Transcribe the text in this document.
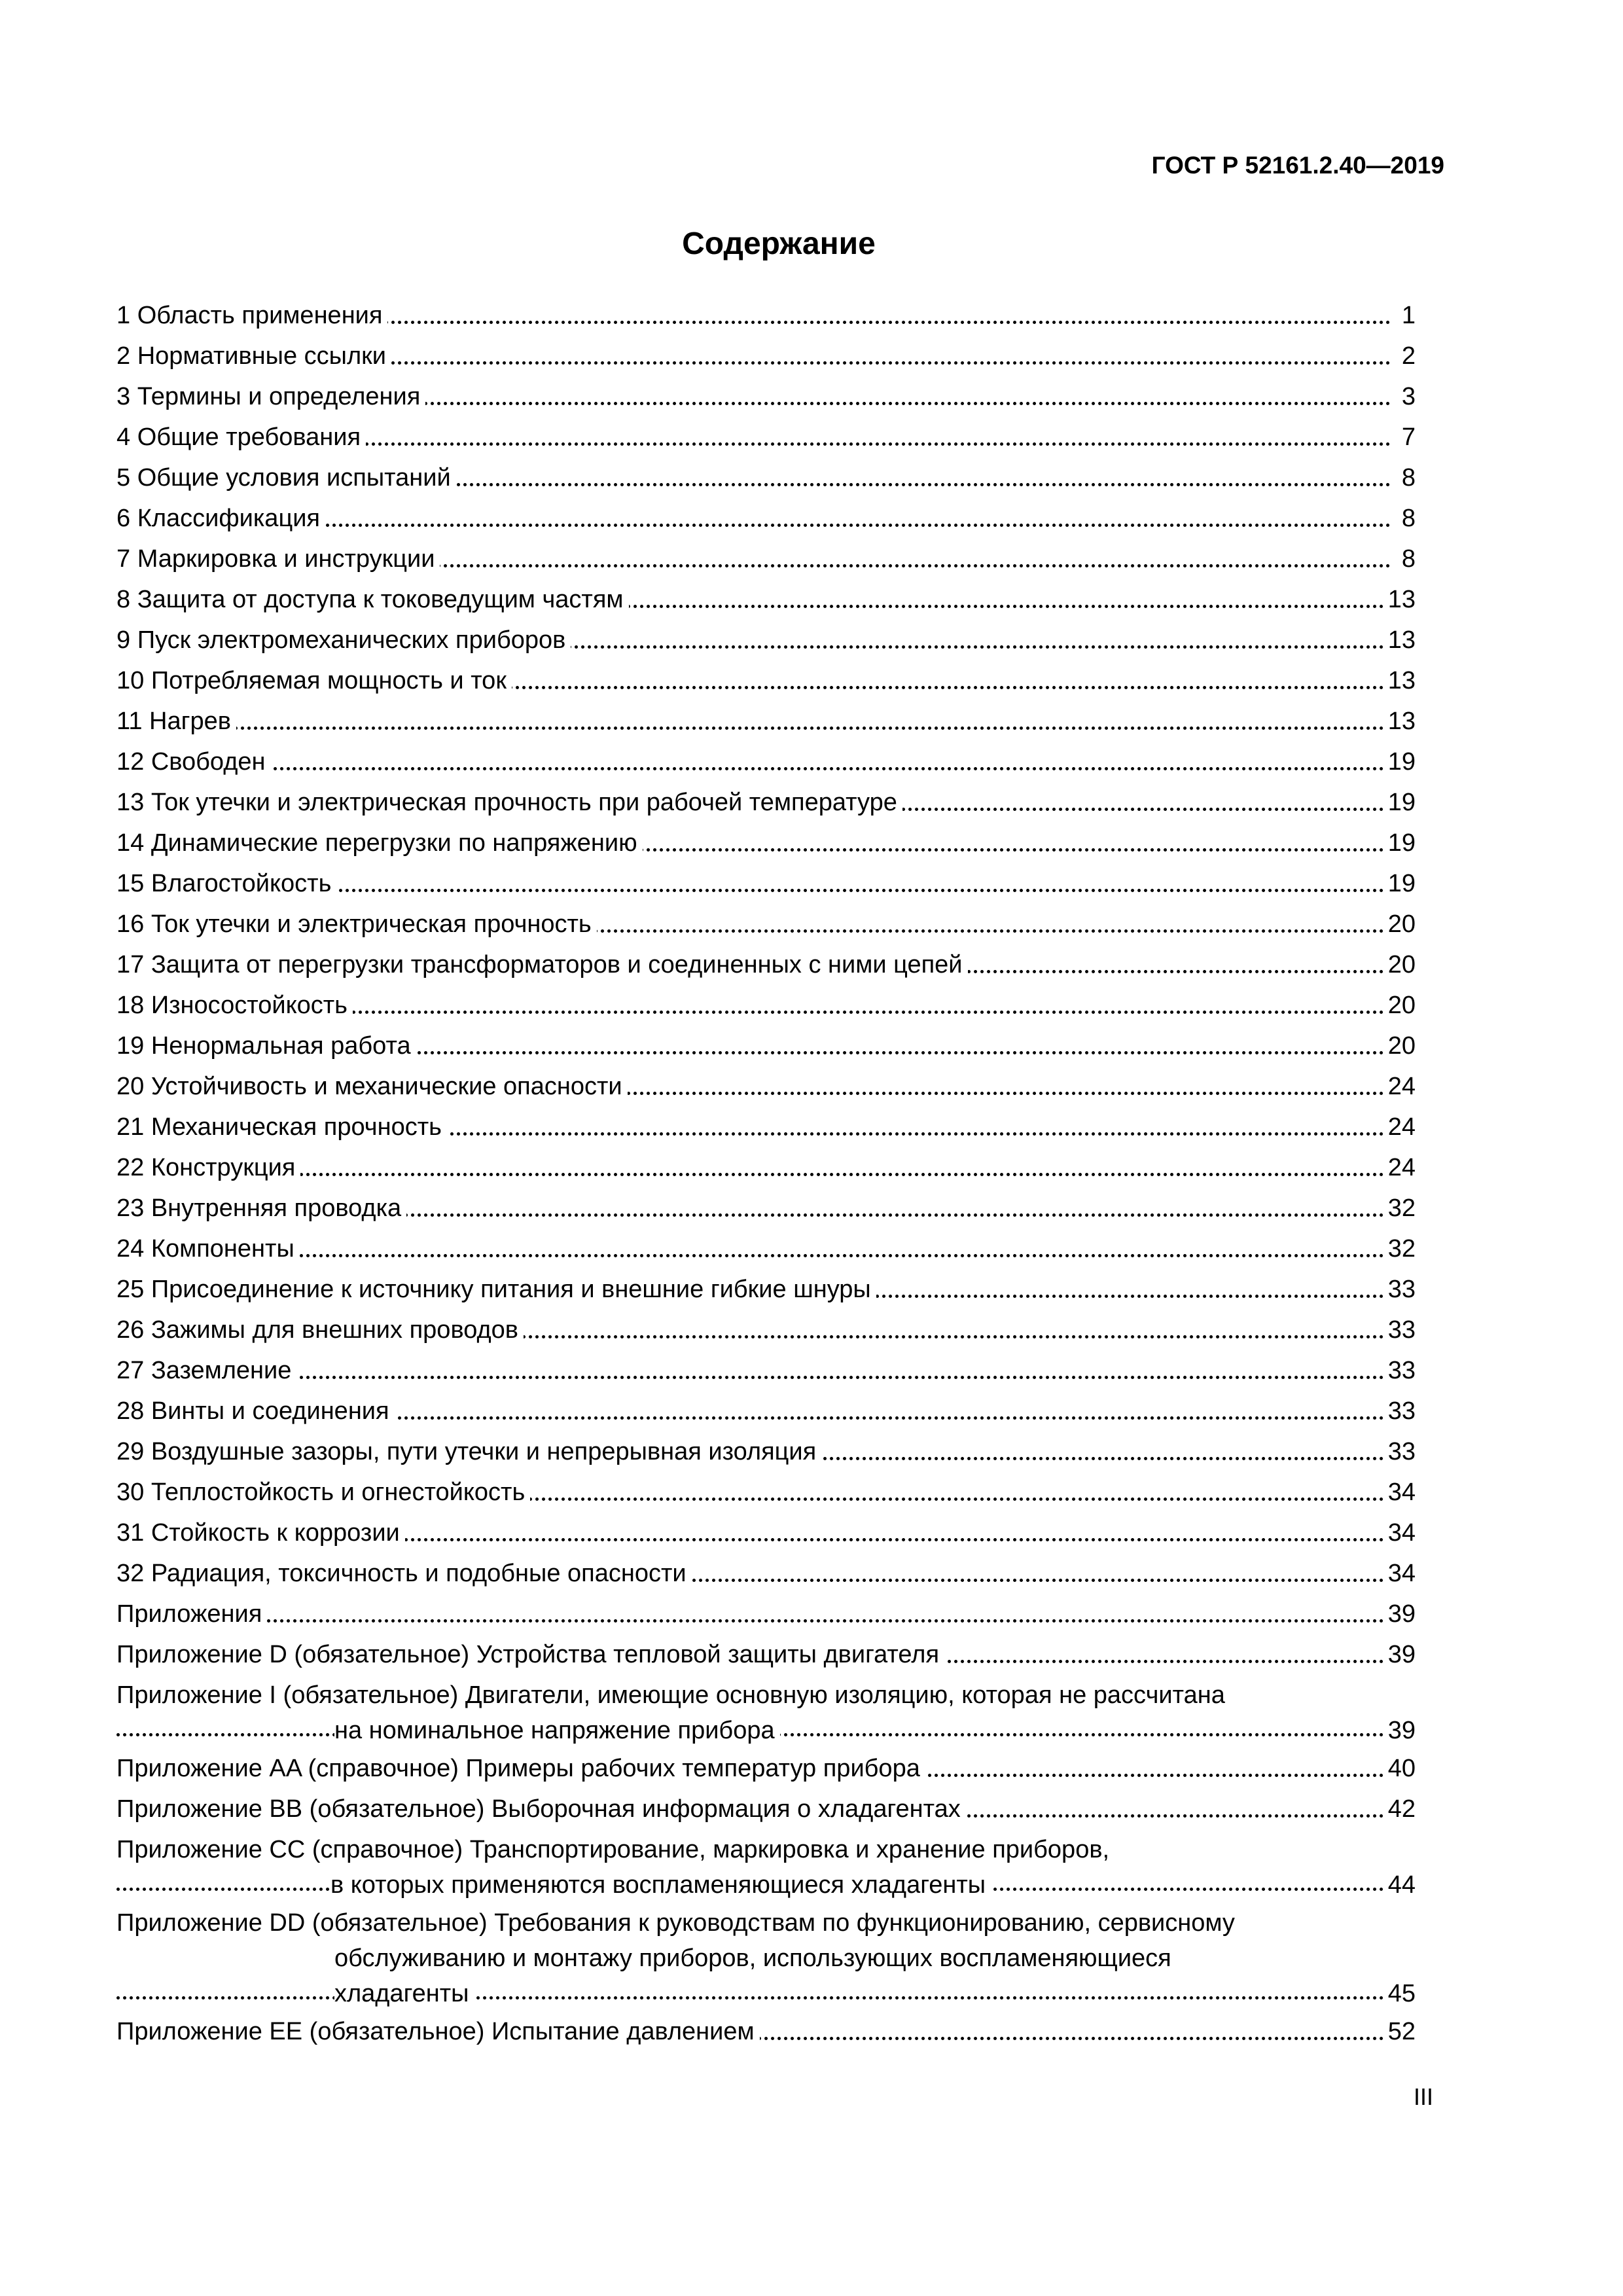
ГОСТ Р 52161.2.40—2019
Содержание
1 Область применения	1
2 Нормативные ссылки	2
3 Термины и определения	3
4 Общие требования	7
5 Общие условия испытаний	8
6 Классификация	8
7 Маркировка и инструкции	8
8 Защита от доступа к токоведущим частям	13
9 Пуск электромеханических приборов	13
10 Потребляемая мощность и ток	13
11 Нагрев	13
12 Свободен	19
13 Ток утечки и электрическая прочность при рабочей температуре	19
14 Динамические перегрузки по напряжению	19
15 Влагостойкость	19
16 Ток утечки и электрическая прочность	20
17 Защита от перегрузки трансформаторов и соединенных с ними цепей	20
18 Износостойкость	20
19 Ненормальная работа	20
20 Устойчивость и механические опасности	24
21 Механическая прочность	24
22 Конструкция	24
23 Внутренняя проводка	32
24 Компоненты	32
25 Присоединение к источнику питания и внешние гибкие шнуры	33
26 Зажимы для внешних проводов	33
27 Заземление	33
28 Винты и соединения	33
29 Воздушные зазоры, пути утечки и непрерывная изоляция	33
30 Теплостойкость и огнестойкость	34
31 Стойкость к коррозии	34
32 Радиация, токсичность и подобные опасности	34
Приложения	39
Приложение D (обязательное) Устройства тепловой защиты двигателя	39
Приложение I (обязательное) Двигатели, имеющие основную изоляцию, которая не рассчитана
на номинальное напряжение прибора	39
Приложение AA (справочное) Примеры рабочих температур прибора	40
Приложение BB (обязательное) Выборочная информация о хладагентах	42
Приложение CC (справочное) Транспортирование, маркировка и хранение приборов,
в которых применяются воспламеняющиеся хладагенты	44
Приложение DD (обязательное) Требования к руководствам по функционированию, сервисному
обслуживанию и монтажу приборов, использующих воспламеняющиеся
хладагенты	45
Приложение EE (обязательное) Испытание давлением	52
III
